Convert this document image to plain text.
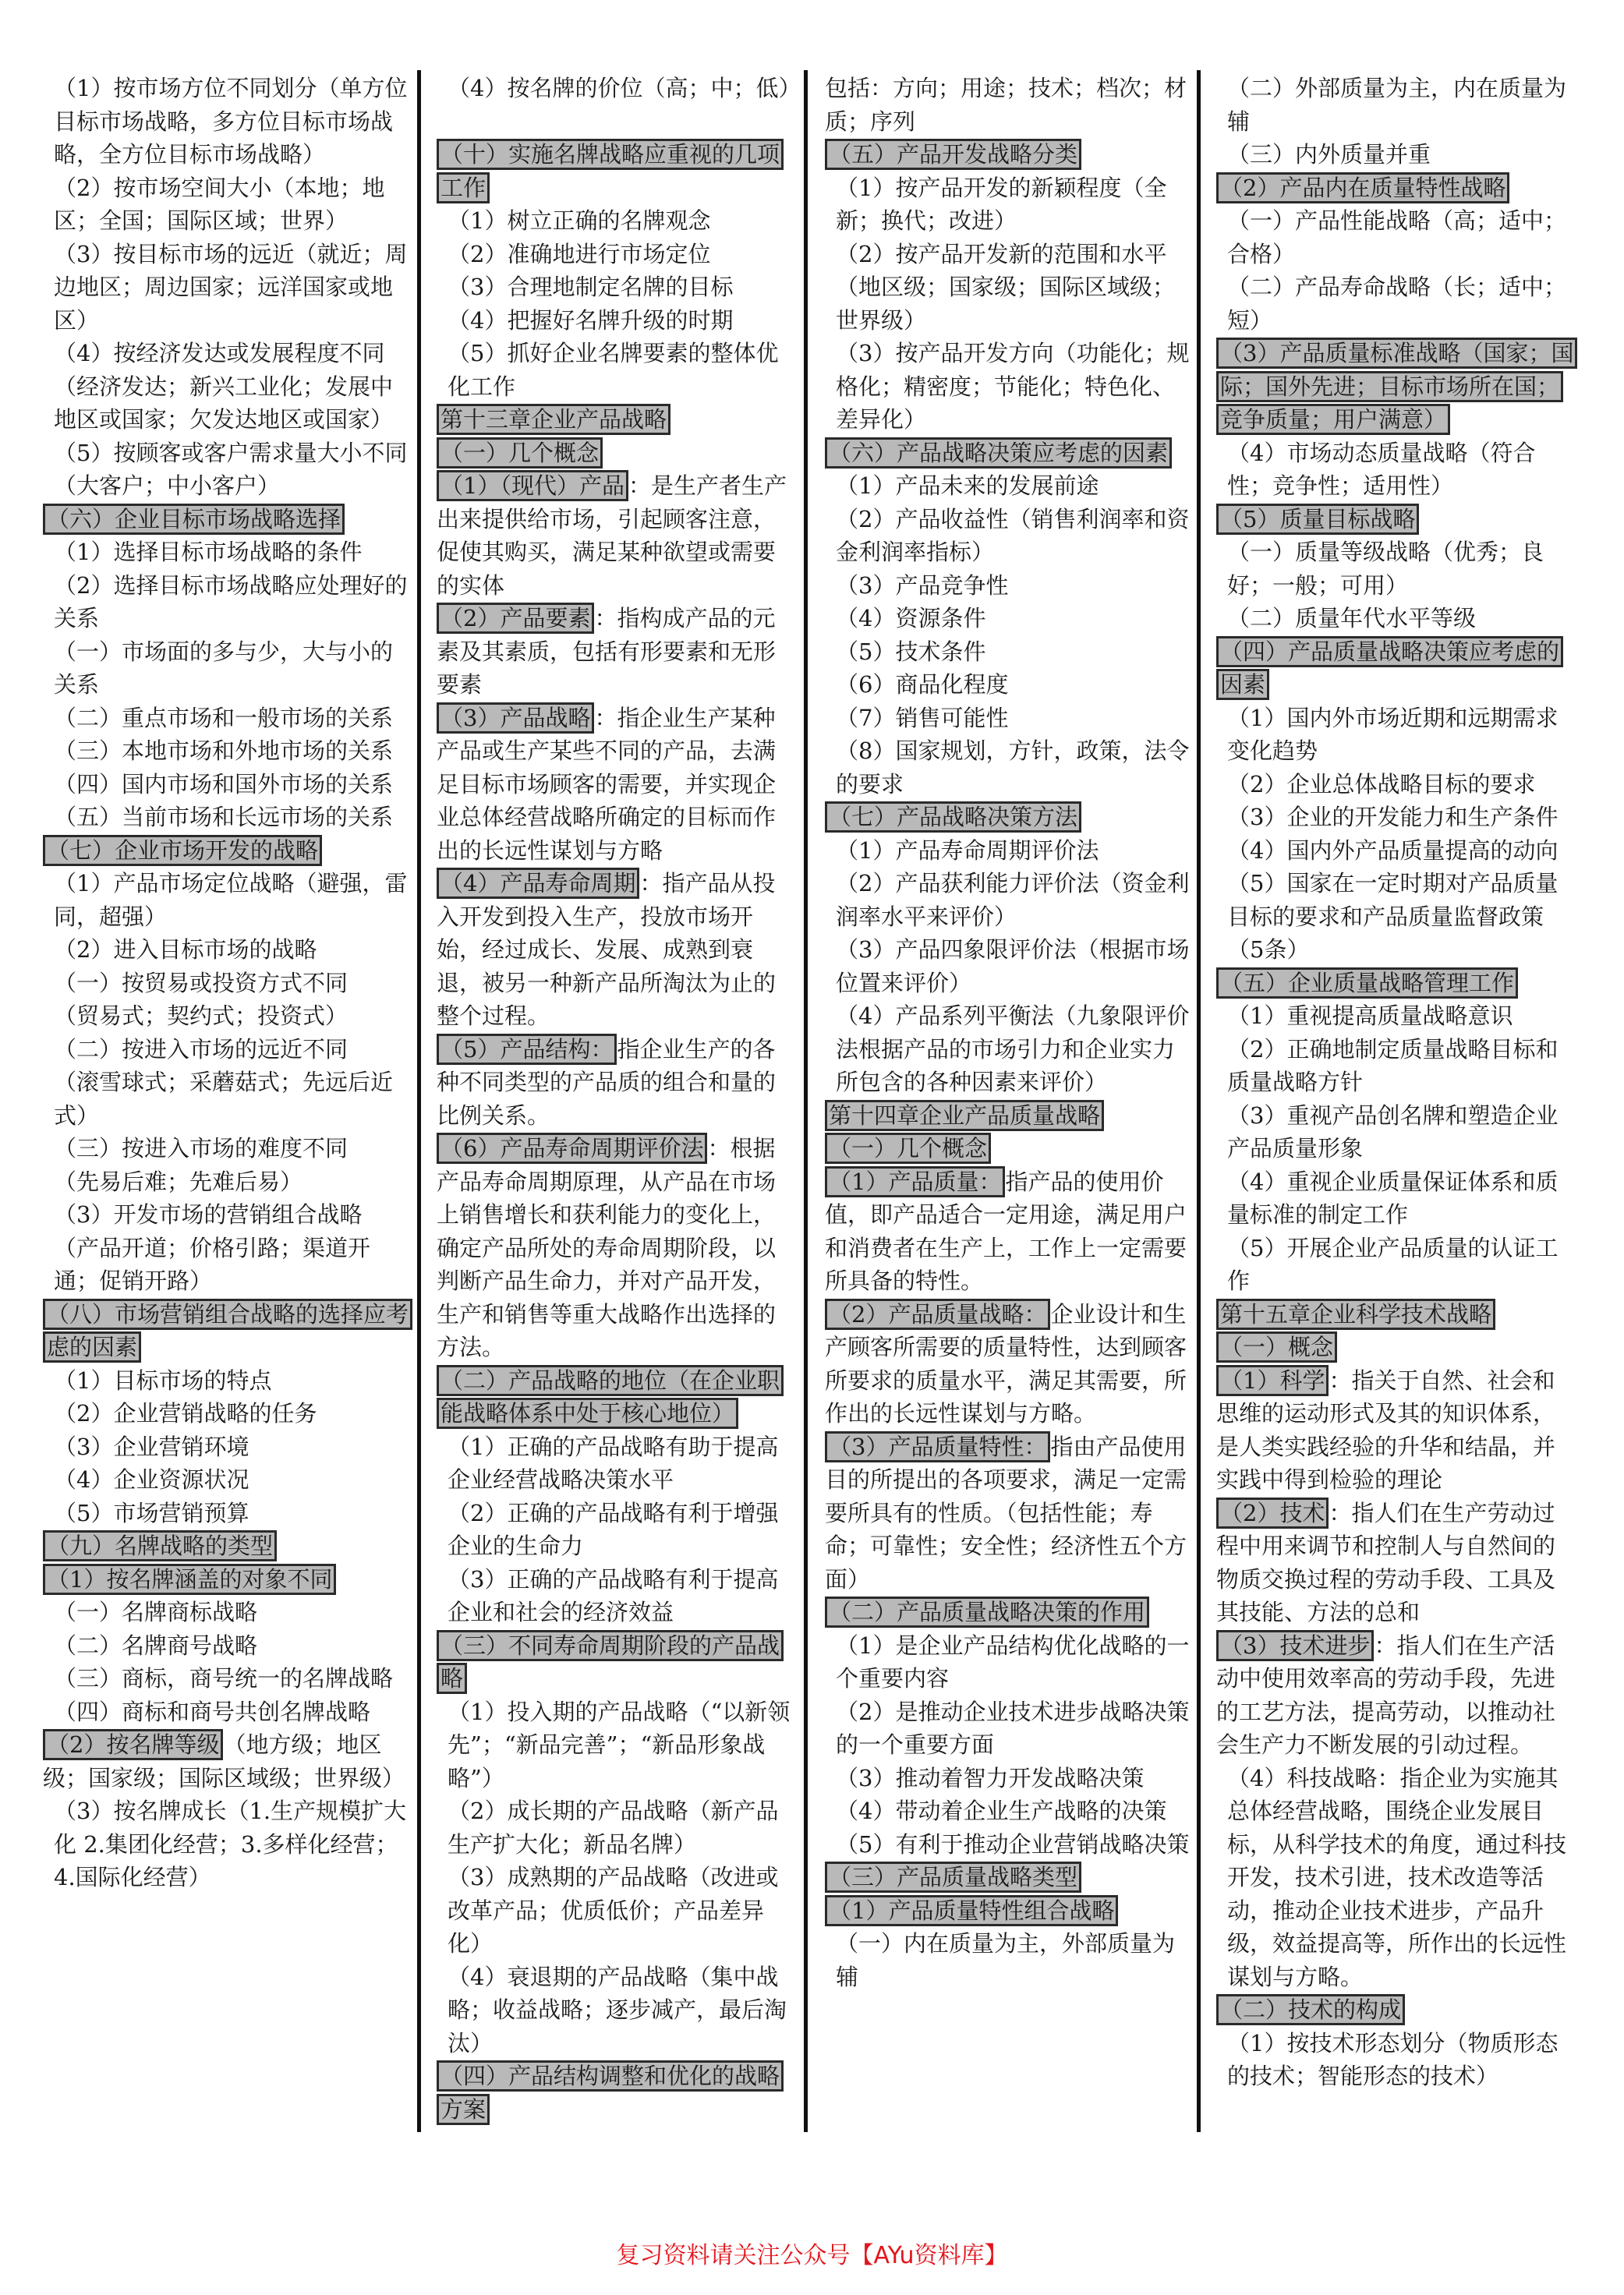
（1）按市场方位不同划分（单方位目标市场战略，多方位目标市场战略，全方位目标市场战略）

（2）按市场空间大小（本地；地区；全国；国际区域；世界）

（3）按目标市场的远近（就近；周边地区；周边国家；远洋国家或地区）

（4）按经济发达或发展程度不同（经济发达；新兴工业化；发展中地区或国家；欠发达地区或国家）

（5）按顾客或客户需求量大小不同（大客户；中小客户）

（六）企业目标市场战略选择

（1）选择目标市场战略的条件

（2）选择目标市场战略应处理好的关系

（一）市场面的多与少，大与小的关系

（二）重点市场和一般市场的关系

（三）本地市场和外地市场的关系

（四）国内市场和国外市场的关系

（五）当前市场和长远市场的关系

（七）企业市场开发的战略

（1）产品市场定位战略（避强，雷同，超强）

（2）进入目标市场的战略

（一）按贸易或投资方式不同

（贸易式；契约式；投资式）

（二）按进入市场的远近不同

（滚雪球式；采蘑菇式；先远后近式）

（三）按进入市场的难度不同

（先易后难；先难后易）

（3）开发市场的营销组合战略

（产品开道；价格引路；渠道开通；促销开路）

（八）市场营销组合战略的选择应考虑的因素

（1）目标市场的特点

（2）企业营销战略的任务

（3）企业营销环境

（4）企业资源状况

（5）市场营销预算

（九）名牌战略的类型

（1）按名牌涵盖的对象不同

（一）名牌商标战略

（二）名牌商号战略

（三）商标，商号统一的名牌战略

（四）商标和商号共创名牌战略

（2）按名牌等级 （地方级；地区级；国家级；国际区域级；世界级）

（3）按名牌成长（1.生产规模扩大化 2.集团化经营；3.多样化经营；4.国际化经营）

（4）按名牌的价位（高；中；低）

（十）实施名牌战略应重视的几项工作

（1）树立正确的名牌观念

（2）准确地进行市场定位

（3）合理地制定名牌的目标

（4）把握好名牌升级的时期

（5）抓好企业名牌要素的整体优化工作

第十三章企业产品战略

（一）几个概念

（1）（现代）产品 ：是生产者生产出来提供给市场，引起顾客注意，促使其购买，满足某种欲望或需要的实体

（2）产品要素 ：指构成产品的元素及其素质，包括有形要素和无形要素

（3）产品战略 ：指企业生产某种产品或生产某些不同的产品，去满足目标市场顾客的需要，并实现企业总体经营战略所确定的目标而作出的长远性谋划与方略

（4）产品寿命周期 ：指产品从投入开发到投入生产，投放市场开始，经过成长、发展、成熟到衰退，被另一种新产品所淘汰为止的整个过程。

（5）产品结构： 指企业生产的各种不同类型的产品质的组合和量的比例关系。

（6）产品寿命周期评价法 ：根据产品寿命周期原理，从产品在市场上销售增长和获利能力的变化上，确定产品所处的寿命周期阶段，以判断产品生命力，并对产品开发，生产和销售等重大战略作出选择的方法。

（二）产品战略的地位（在企业职能战略体系中处于核心地位）

（1）正确的产品战略有助于提高企业经营战略决策水平

（2）正确的产品战略有利于增强企业的生命力

（3）正确的产品战略有利于提高企业和社会的经济效益

（三）不同寿命周期阶段的产品战略

（1）投入期的产品战略（“以新领先”；“新品完善”；“新品形象战略”）

（2）成长期的产品战略（新产品生产扩大化；新品名牌）

（3）成熟期的产品战略（改进或改革产品；优质低价；产品差异化）

（4）衰退期的产品战略（集中战略；收益战略；逐步减产，最后淘汰）

（四）产品结构调整和优化的战略方案

包括：方向；用途；技术；档次；材质；序列

（五）产品开发战略分类

（1）按产品开发的新颖程度（全新；换代；改进）

（2）按产品开发新的范围和水平（地区级；国家级；国际区域级；世界级）

（3）按产品开发方向（功能化；规格化；精密度；节能化；特色化、差异化）

（六）产品战略决策应考虑的因素

（1）产品未来的发展前途

（2）产品收益性（销售利润率和资金利润率指标）

（3）产品竞争性

（4）资源条件

（5）技术条件

（6）商品化程度

（7）销售可能性

（8）国家规划，方针，政策，法令的要求

（七）产品战略决策方法

（1）产品寿命周期评价法

（2）产品获利能力评价法（资金利润率水平来评价）

（3）产品四象限评价法（根据市场位置来评价）

（4）产品系列平衡法（九象限评价法根据产品的市场引力和企业实力所包含的各种因素来评价）

第十四章企业产品质量战略

（一）几个概念

（1）产品质量： 指产品的使用价值，即产品适合一定用途，满足用户和消费者在生产上，工作上一定需要所具备的特性。

（2）产品质量战略： 企业设计和生产顾客所需要的质量特性，达到顾客所要求的质量水平，满足其需要，所作出的长远性谋划与方略。

（3）产品质量特性： 指由产品使用目的所提出的各项要求，满足一定需要所具有的性质。（包括性能；寿命；可靠性；安全性；经济性五个方面）

（二）产品质量战略决策的作用

（1）是企业产品结构优化战略的一个重要内容

（2）是推动企业技术进步战略决策的一个重要方面

（3）推动着智力开发战略决策

（4）带动着企业生产战略的决策

（5）有利于推动企业营销战略决策

（三）产品质量战略类型

（1）产品质量特性组合战略

（一）内在质量为主，外部质量为辅

（二）外部质量为主，内在质量为辅

（三）内外质量并重

（2）产品内在质量特性战略

（一）产品性能战略（高；适中；合格）

（二）产品寿命战略（长；适中；短）

（3）产品质量标准战略（国家；国际；国外先进；目标市场所在国；竞争质量；用户满意）

（4）市场动态质量战略（符合性；竞争性；适用性）

（5）质量目标战略

（一）质量等级战略（优秀；良好；一般；可用）

（二）质量年代水平等级

（四）产品质量战略决策应考虑的因素

（1）国内外市场近期和远期需求变化趋势

（2）企业总体战略目标的要求

（3）企业的开发能力和生产条件

（4）国内外产品质量提高的动向

（5）国家在一定时期对产品质量目标的要求和产品质量监督政策

（5条）

（五）企业质量战略管理工作

（1）重视提高质量战略意识

（2）正确地制定质量战略目标和质量战略方针

（3）重视产品创名牌和塑造企业产品质量形象

（4）重视企业质量保证体系和质量标准的制定工作

（5）开展企业产品质量的认证工作

第十五章企业科学技术战略

（一）概念

（1）科学 ：指关于自然、社会和思维的运动形式及其的知识体系，是人类实践经验的升华和结晶，并实践中得到检验的理论

（2）技术 ：指人们在生产劳动过程中用来调节和控制人与自然间的物质交换过程的劳动手段、工具及其技能、方法的总和

（3）技术进步 ：指人们在生产活动中使用效率高的劳动手段，先进的工艺方法，提高劳动，以推动社会生产力不断发展的引动过程。

（4）科技战略：指企业为实施其总体经营战略，围绕企业发展目标，从科学技术的角度，通过科技开发，技术引进，技术改造等活动，推动企业技术进步，产品升级，效益提高等，所作出的长远性谋划与方略。

（二）技术的构成

（1）按技术形态划分（物质形态的技术；智能形态的技术）

复习资料请关注公众号【AYu资料库】
